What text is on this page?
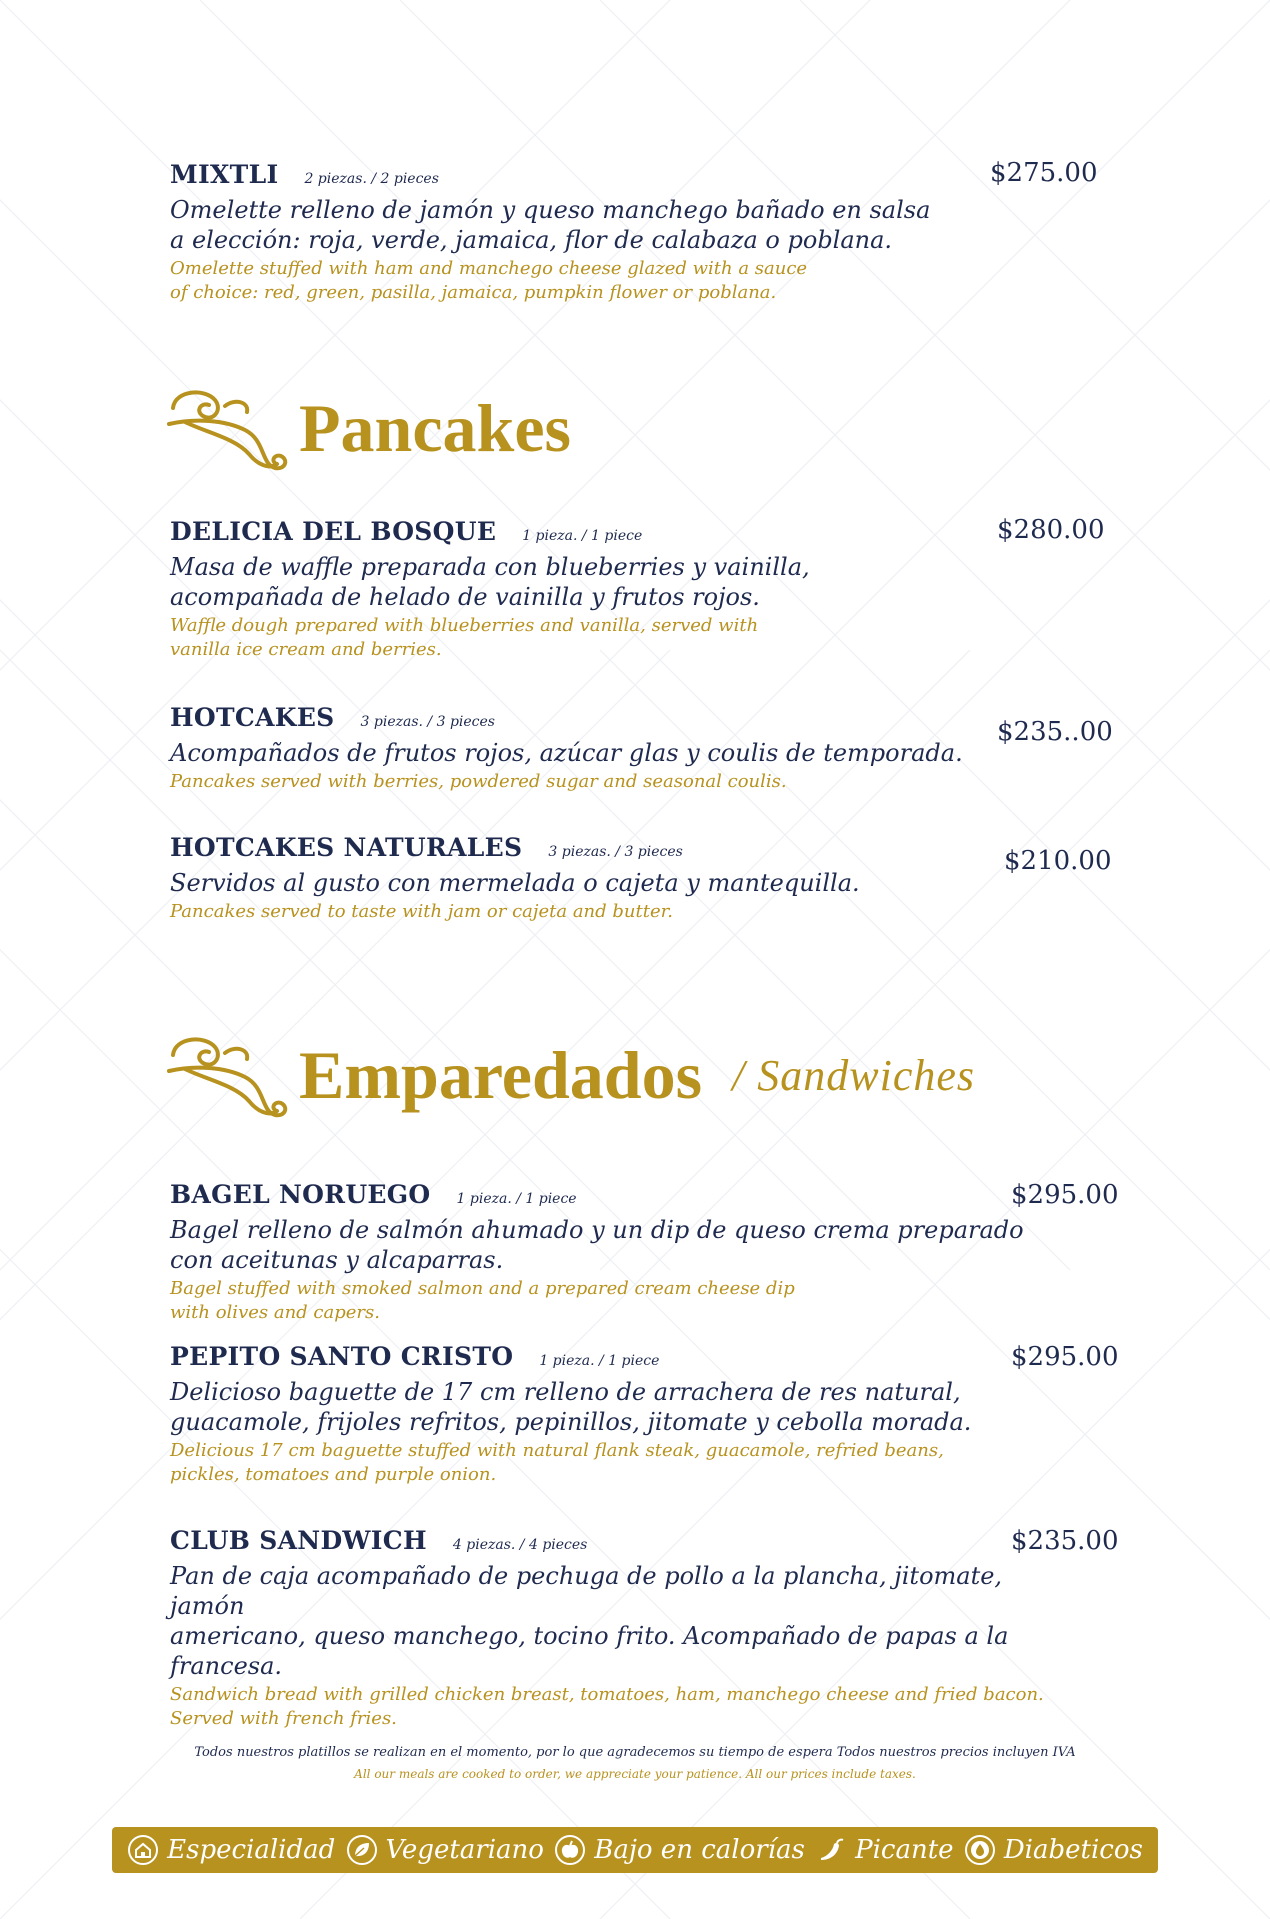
MIXTLI 2 piezas. / 2 pieces
Omelette relleno de jamón y queso manchego bañado en salsa
a elección: roja, verde, jamaica, flor de calabaza o poblana.
Omelette stuffed with ham and manchego cheese glazed with a sauce
of choice: red, green, pasilla, jamaica, pumpkin flower or poblana.
$275.00
Pancakes
DELICIA DEL BOSQUE 1 pieza. / 1 piece
Masa de waffle preparada con blueberries y vainilla,
acompañada de helado de vainilla y frutos rojos.
Waffle dough prepared with blueberries and vanilla, served with
vanilla ice cream and berries.
$280.00
HOTCAKES 3 piezas. / 3 pieces
Acompañados de frutos rojos, azúcar glas y coulis de temporada.
Pancakes served with berries, powdered sugar and seasonal coulis.
$235..00
HOTCAKES NATURALES 3 piezas. / 3 pieces
Servidos al gusto con mermelada o cajeta y mantequilla.
Pancakes served to taste with jam or cajeta and butter.
$210.00
Emparedados / Sandwiches
BAGEL NORUEGO 1 pieza. / 1 piece
Bagel relleno de salmón ahumado y un dip de queso crema preparado
con aceitunas y alcaparras.
Bagel stuffed with smoked salmon and a prepared cream cheese dip
with olives and capers.
$295.00
PEPITO SANTO CRISTO 1 pieza. / 1 piece
Delicioso baguette de 17 cm relleno de arrachera de res natural,
guacamole, frijoles refritos, pepinillos, jitomate y cebolla morada.
Delicious 17 cm baguette stuffed with natural flank steak, guacamole, refried beans,
pickles, tomatoes and purple onion.
$295.00
CLUB SANDWICH 4 piezas. / 4 pieces
Pan de caja acompañado de pechuga de pollo a la plancha, jitomate, jamón
americano, queso manchego, tocino frito. Acompañado de papas a la francesa.
Sandwich bread with grilled chicken breast, tomatoes, ham, manchego cheese and fried bacon.
Served with french fries.
$235.00
Todos nuestros platillos se realizan en el momento, por lo que agradecemos su tiempo de espera Todos nuestros precios incluyen IVA
All our meals are cooked to order, we appreciate your patience. All our prices include taxes.
Especialidad Vegetariano Bajo en calorías Picante Diabeticos
